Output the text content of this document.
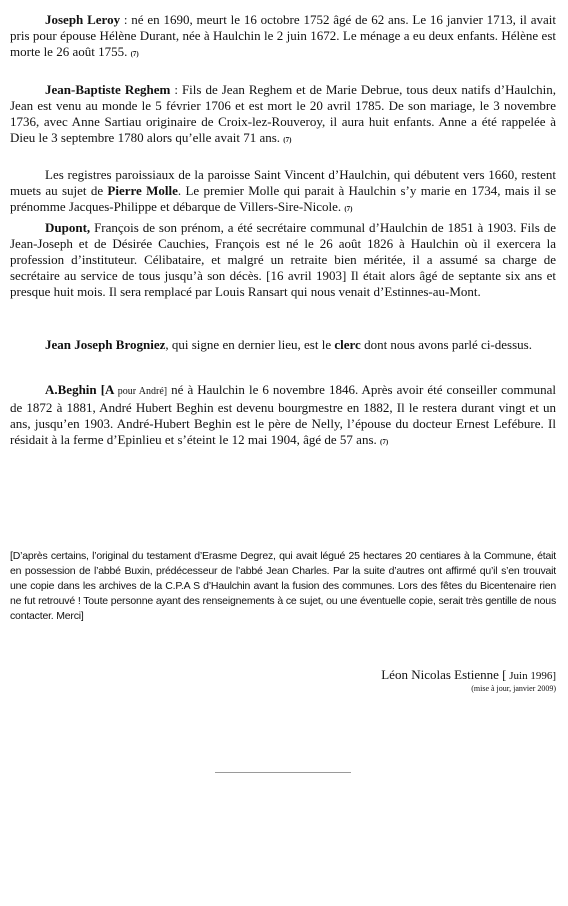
Joseph Leroy : né en 1690, meurt le 16 octobre 1752 âgé de 62 ans. Le 16 janvier 1713, il avait pris pour épouse Hélène Durant, née à Haulchin le 2 juin 1672. Le ménage a eu deux enfants. Hélène est morte le 26 août 1755. (7)

Jean-Baptiste Reghem : Fils de Jean Reghem et de Marie Debrue, tous deux natifs d’Haulchin, Jean est venu au monde le 5 février 1706 et est mort le 20 avril 1785. De son mariage, le 3 novembre 1736, avec Anne Sartiau originaire de Croix-lez-Rouveroy, il aura huit enfants. Anne a été rappelée à Dieu le 3 septembre 1780 alors qu’elle avait 71 ans. (7)

Les registres paroissiaux de la paroisse Saint Vincent d’Haulchin, qui débutent vers 1660, restent muets au sujet de Pierre Molle. Le premier Molle qui parait à Haulchin s’y marie en 1734, mais il se prénomme Jacques-Philippe et débarque de Villers-Sire-Nicole. (7)

Dupont, François de son prénom, a été secrétaire communal d’Haulchin de 1851 à 1903. Fils de Jean-Joseph et de Désirée Cauchies, François est né le 26 août 1826 à Haulchin où il exercera la profession d’instituteur. Célibataire, et malgré un retraite bien méritée, il a assumé sa charge de secrétaire au service de tous jusqu’à son décès. [16 avril 1903] Il était alors âgé de septante six ans et presque huit mois. Il sera remplacé par Louis Ransart qui nous venait d’Estinnes-au-Mont.

Jean Joseph Brogniez, qui signe en dernier lieu, est le clerc dont nous avons parlé ci-dessus.

A.Beghin [A pour André] né à Haulchin le 6 novembre 1846. Après avoir été conseiller communal de 1872 à 1881, André Hubert Beghin est devenu bourgmestre en 1882, Il le restera durant vingt et un ans, jusqu’en 1903. André-Hubert Beghin est le père de Nelly, l’épouse du docteur Ernest Lefébure. Il résidait à la ferme d’Epinlieu et s’éteint le 12 mai 1904, âgé de 57 ans. (7)

[D’après certains, l’original du testament d’Erasme Degrez, qui avait légué 25 hectares 20 centiares à la Commune, était en possession de l’abbé Buxin, prédécesseur de l’abbé Jean Charles. Par la suite d’autres ont affirmé qu’il s’en trouvait une copie dans les archives de la C.P.A S d’Haulchin avant la fusion des communes. Lors des fêtes du Bicentenaire rien ne fut retrouvé ! Toute personne ayant des renseignements à ce sujet, ou une éventuelle copie, serait très gentille de nous contacter. Merci]

Léon Nicolas Estienne [ Juin 1996]
(mise à jour, janvier 2009)
